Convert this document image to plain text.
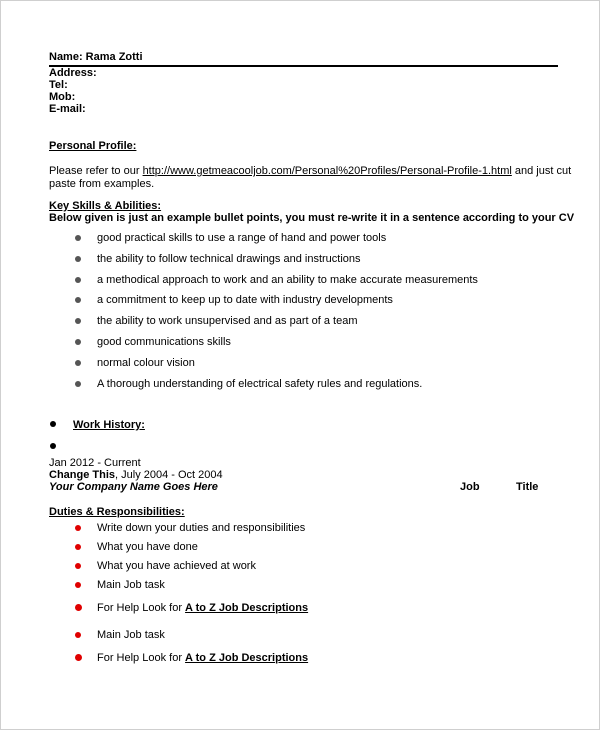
Name: Rama Zotti
Address:
Tel:
Mob:
E-mail:
Personal Profile:
Please refer to our http://www.getmeacooljob.com/Personal%20Profiles/Personal-Profile-1.html and just cut
paste from examples.
Key Skills & Abilities:
Below given is just an example bullet points, you must re-write it in a sentence according to your CV
good practical skills to use a range of hand and power tools
the ability to follow technical drawings and instructions
a methodical approach to work and an ability to make accurate measurements
a commitment to keep up to date with industry developments
the ability to work unsupervised and as part of a team
good communications skills
normal colour vision
A thorough understanding of electrical safety rules and regulations.
Work History:
Jan 2012 - Current
Change This, July 2004 - Oct 2004
Your Company Name Goes Here	Job	Title
Duties & Responsibilities:
Write down your duties and responsibilities
What you have done
What you have achieved at work
Main Job task
For Help Look for A to Z Job Descriptions
Main Job task
For Help Look for A to Z Job Descriptions
